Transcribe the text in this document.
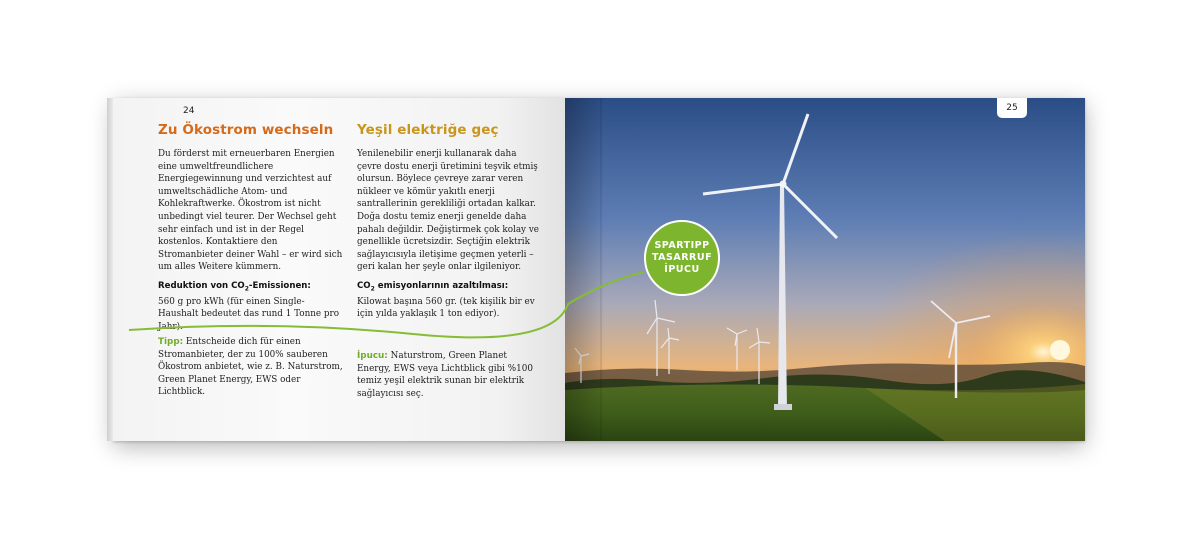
24
Zu Ökostrom wechseln

Du förderst mit erneuerbaren Energien eine umweltfreundlichere Energiegewinnung und verzichtest auf umweltschädliche Atom- und Kohlekraftwerke. Ökostrom ist nicht unbedingt viel teurer. Der Wechsel geht sehr einfach und ist in der Regel kostenlos. Kontaktiere den Stromanbieter deiner Wahl – er wird sich um alles Weitere kümmern.

Reduktion von $CO_2$-Emissionen:

560 g pro kWh (für einen Single-Haushalt bedeutet das rund 1 Tonne pro Jahr).

Yeşil elektriğe geç

Yenilenebilir enerji kullanarak daha çevre dostu enerji üretimini teşvik etmiş olursun. Böylece çevreye zarar veren nükleer ve kömür yakıtlı enerji santrallerinin gerekliliği ortadan kalkar. Doğa dostu temiz enerji genelde daha pahalı değildir. Değiştirmek çok kolay ve genellikle ücretsizdir. Seçtiğin elektrik sağlayıcısıyla iletişime geçmen yeterli – geri kalan her şeyle onlar ilgileniyor.

$CO_2$ emisyonlarının azaltılması:

Kilowat başına 560 gr. (tek kişilik bir ev için yılda yaklaşık 1 ton ediyor).

Tipp: Entscheide dich für einen Stromanbieter, der zu 100% sauberen Ökostrom anbietet, wie z. B. Naturstrom, Green Planet Energy, EWS oder Lichtblick.
İpucu: Naturstrom, Green Planet Energy, EWS veya Lichtblick gibi %100 temiz yeşil elektrik sunan bir elektrik sağlayıcısı seç.
25
SPARTIPP
TASARRUF
İPUCU
